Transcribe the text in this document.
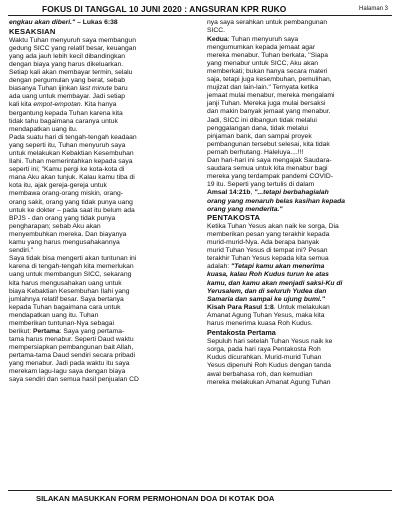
FOKUS DI TANGGAL 10 JUNI 2020 : ANGSURAN KPR RUKO	Halaman 3

engkau akan diberi." – Lukas 6:38

KESAKSIAN

Waktu Tuhan menyuruh saya membangun
gedung SICC yang relatif besar, keuangan
yang ada jauh lebih kecil dibandingkan
dengan biaya yang harus dikeluarkan.

Setiap kali akan membayar termin, selalu
dengan pergumulan yang berat, sebab
biasanya Tuhan ijinkan last minute baru
ada uang untuk membayar. Jadi setiap
kali kita empot-empotan. Kita hanya
bergantung kepada Tuhan karena kita
tidak tahu bagaimana caranya untuk
mendapatkan uang itu.

Pada suatu hari di tengah-tengah keadaan
yang seperti itu, Tuhan menyuruh saya
untuk melakukan Kebaktian Kesembuhan
Ilahi. Tuhan memerintahkan kepada saya
seperti ini; "Kamu pergi ke kota-kota di
mana Aku akan tunjuk. Kalau kamu tiba di
kota itu, ajak gereja-gereja untuk
membawa orang-orang miskin, orang-
orang sakit, orang yang tidak punya uang
untuk ke dokter – pada saat itu belum ada
BPJS - dan orang yang tidak punya
pengharapan; sebab Aku akan
menyembuhkan mereka. Dan biayanya
kamu yang harus mengusahakannya
sendiri."

Saya tidak bisa mengerti akan tuntunan ini
karena di tengah-tengah kita memerlukan
uang untuk membangun SICC, sekarang
kita harus mengusahakan uang untuk
biaya Kebaktian Kesembuhan Ilahi yang
jumlahnya relatif besar. Saya bertanya
kepada Tuhan bagaimana cara untuk
mendapatkan uang itu. Tuhan
memberikan tuntunan-Nya sebagai
berikut: Pertama: Saya yang pertama-
tama harus menabur. Seperti Daud waktu
mempersiapkan pembangunan bait Allah,
pertama-tama Daud sendiri secara pribadi
yang menabur. Jadi pada waktu itu saya
merekam lagu-lagu saya dengan biaya
saya sendiri dan semua hasil penjualan CD

nya saya serahkan untuk pembangunan
SICC.

Kedua: Tuhan menyuruh saya
mengumumkan kepada jemaat agar
mereka menabur. Tuhan berkata, "Siapa
yang menabur untuk SICC, Aku akan
memberkati; bukan hanya secara materi
saja, tetapi juga kesembuhan, pemulihan,
mujizat dan lain-lain." Ternyata ketika
jemaat mulai menabur, mereka mengalami
janji Tuhan. Mereka juga mulai bersaksi
dan makin banyak jemaat yang menabur.

Jadi, SICC ini dibangun tidak melalui
penggalangan dana, tidak melalui
pinjaman bank, dan sampai proyek
pembangunan tersebut selesai, kita tidak
pernah berhutang. Haleluya....!!!

Dan hari-hari ini saya mengajak Saudara-
saudara semua untuk kita menabur bagi
mereka yang terdampak pandemi COVID-
19 itu. Seperti yang tertulis di dalam
Amsal 14:21b, "...tetapi berbahagialah
orang yang menaruh belas kasihan kepada
orang yang menderita."

PENTAKOSTA

Ketika Tuhan Yesus akan naik ke sorga, Dia
memberikan pesan yang terakhir kepada
murid-murid-Nya. Ada berapa banyak
murid Tuhan Yesus di tempat ini? Pesan
terakhir Tuhan Yesus kepada kita semua
adalah: "Tetapi kamu akan menerima
kuasa, kalau Roh Kudus turun ke atas
kamu, dan kamu akan menjadi saksi-Ku di
Yerusalem, dan di seluruh Yudea dan
Samaria dan sampai ke ujung bumi."

Kisah Para Rasul 1:8. Untuk melakukan
Amanat Agung Tuhan Yesus, maka kita
harus menerima kuasa Roh Kudus.

Pentakosta Pertama

Sepuluh hari setelah Tuhan Yesus naik ke
sorga, pada hari raya Pentakosta Roh
Kudus dicurahkan. Murid-murid Tuhan
Yesus dipenuhi Roh Kudus dengan tanda
awal berbahasa roh, dan kemudian
mereka melakukan Amanat Agung Tuhan

SILAKAN MASUKKAN FORM PERMOHONAN DOA DI KOTAK DOA
